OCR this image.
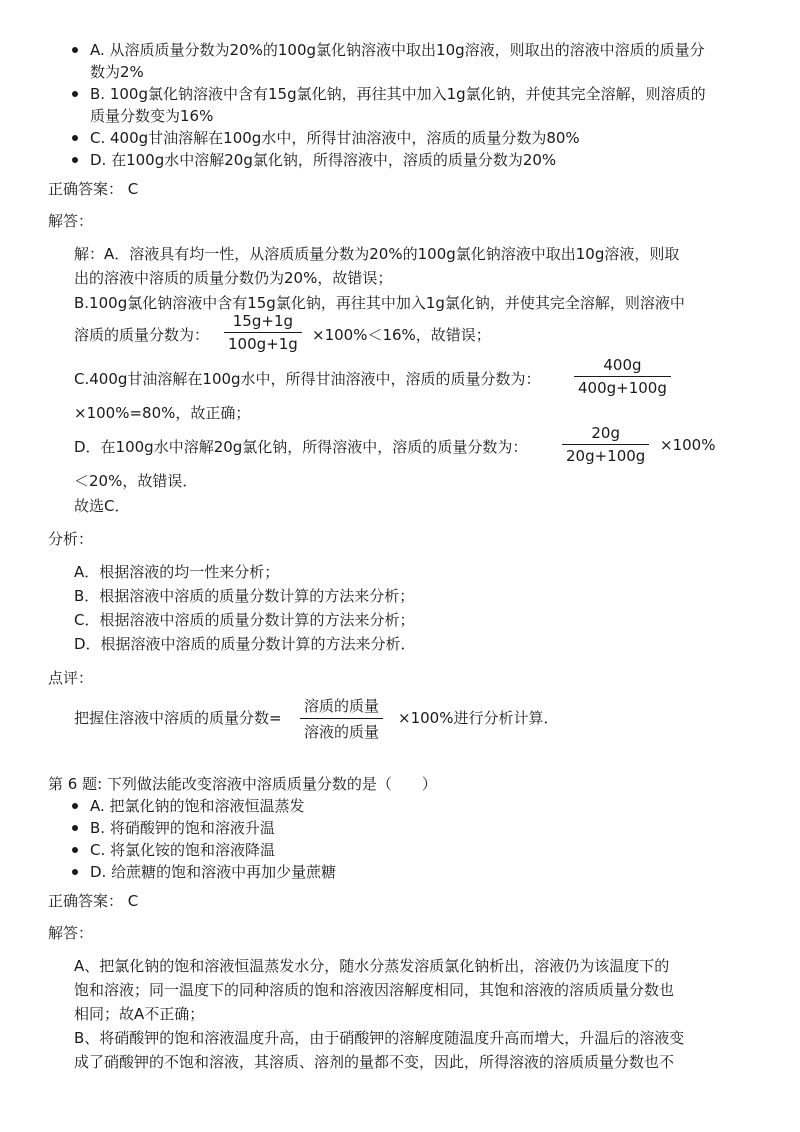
A. 从溶质质量分数为20%的100g氯化钠溶液中取出10g溶液，则取出的溶液中溶质的质量分
数为2%
B. 100g氯化钠溶液中含有15g氯化钠，再往其中加入1g氯化钠，并使其完全溶解，则溶质的
质量分数变为16%
C. 400g甘油溶解在100g水中，所得甘油溶液中，溶质的质量分数为80%
D. 在100g水中溶解20g氯化钠，所得溶液中，溶质的质量分数为20%
正确答案： C
解答：
解：A．溶液具有均一性，从溶质质量分数为20%的100g氯化钠溶液中取出10g溶液，则取
出的溶液中溶质的质量分数仍为20%，故错误；
B.100g氯化钠溶液中含有15g氯化钠，再往其中加入1g氯化钠，并使其完全溶解，则溶液中
溶质的质量分数为：
15g+1g
100g+1g ×100%＜16%，故错误；
C.400g甘油溶解在100g水中，所得甘油溶液中，溶质的质量分数为：
400g
400g+100g
×100%=80%，故正确；
D．在100g水中溶解20g氯化钠，所得溶液中，溶质的质量分数为：
20g
20g+100g
×100%
＜20%，故错误．
故选C．
分析：
A．根据溶液的均一性来分析；
B．根据溶液中溶质的质量分数计算的方法来分析；
C．根据溶液中溶质的质量分数计算的方法来分析；
D．根据溶液中溶质的质量分数计算的方法来分析．
点评：
把握住溶液中溶质的质量分数=
溶质的质量
溶液的质量
×100%进行分析计算．
第 6 题: 下列做法能改变溶液中溶质质量分数的是（　　）
A. 把氯化钠的饱和溶液恒温蒸发
B. 将硝酸钾的饱和溶液升温
C. 将氯化铵的饱和溶液降温
D. 给蔗糖的饱和溶液中再加少量蔗糖
正确答案： C
解答：
A、把氯化钠的饱和溶液恒温蒸发水分，随水分蒸发溶质氯化钠析出，溶液仍为该温度下的
饱和溶液；同一温度下的同种溶质的饱和溶液因溶解度相同，其饱和溶液的溶质质量分数也
相同；故A不正确；
B、将硝酸钾的饱和溶液温度升高，由于硝酸钾的溶解度随温度升高而增大，升温后的溶液变
成了硝酸钾的不饱和溶液，其溶质、溶剂的量都不变，因此，所得溶液的溶质质量分数也不
